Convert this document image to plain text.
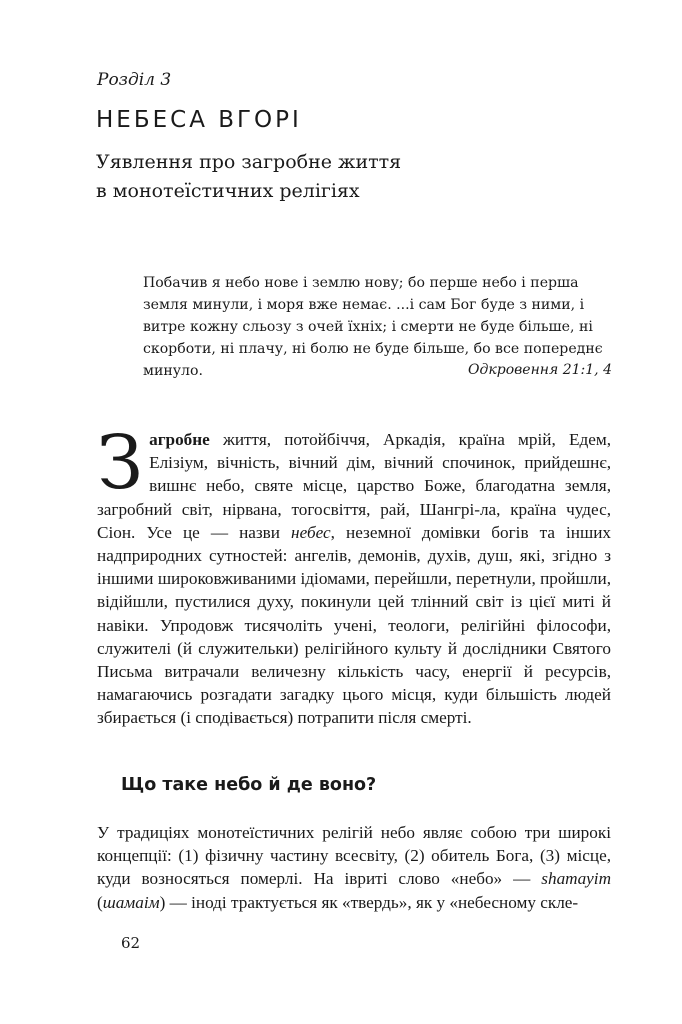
Розділ 3
НЕБЕСА ВГОРІ
Уявлення про загробне життя
в монотеїстичних релігіях

Побачив я небо нове і землю нову; бо перше небо і перша земля минули, і моря вже немає. ...і сам Бог буде з ними, і витре кожну сльозу з очей їхніх; і смерти не буде більше, ні скорботи, ні плачу, ні болю не буде більше, бо все попереднє минуло.	Одкровення 21:1, 4

Загробне життя, потойбіччя, Аркадія, країна мрій, Едем, Елізіум, вічність, вічний дім, вічний спочинок, прийдешнє, вишнє небо, святе місце, царство Боже, благодатна земля, загробний світ, нірвана, тогосвіття, рай, Шангрі-ла, країна чудес, Сіон. Усе це — назви небес, неземної домівки богів та інших надприродних сутностей: ангелів, демонів, духів, душ, які, згідно з іншими широковживаними ідіомами, перейшли, перетнули, пройшли, відійшли, пустилися духу, покинули цей тлінний світ із цієї миті й навіки. Упродовж тисячоліть учені, теологи, релігійні філософи, служителі (й служительки) релігійного культу й дослідники Святого Письма витрачали величезну кількість часу, енергії й ресурсів, намагаючись розгадати загадку цього місця, куди більшість людей збирається (і сподівається) потрапити після смерті.

Що таке небо й де воно?

У традиціях монотеїстичних релігій небо являє собою три широкі концепції: (1) фізичну частину всесвіту, (2) обитель Бога, (3) місце, куди возносяться померлі. На івриті слово «небо» — shamayim (шамаім) — іноді трактується як «твердь», як у «небесному скле-

62
